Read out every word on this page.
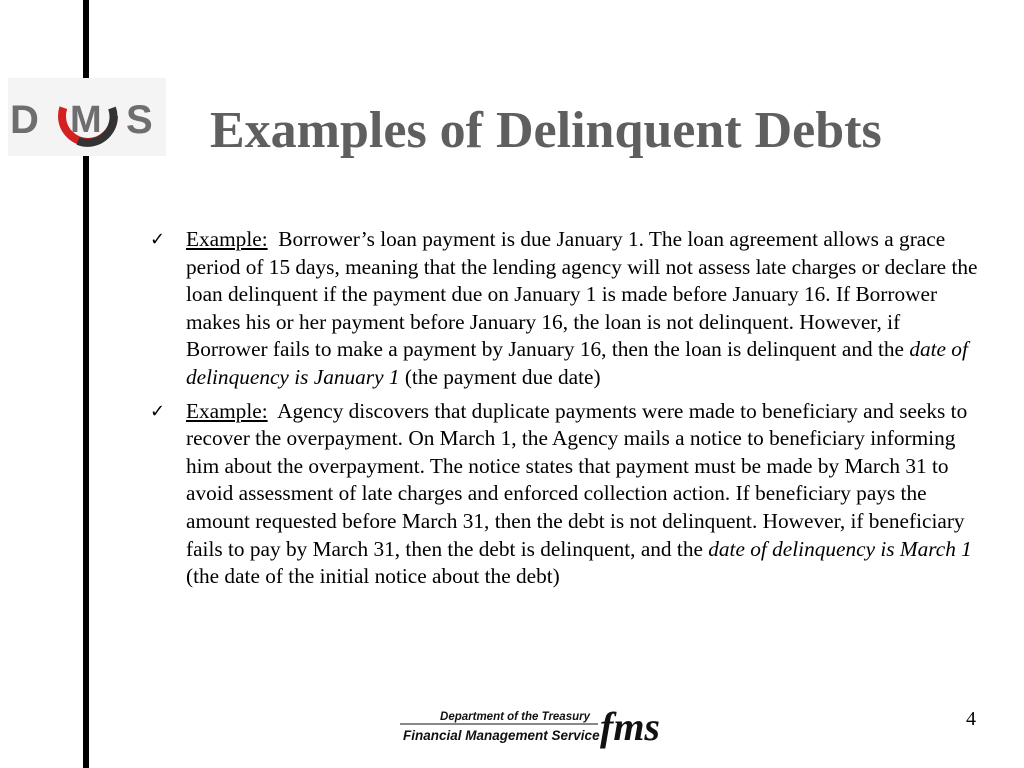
D M S Examples of Delinquent Debts
✓ Example: Borrower’s loan payment is due January 1. The loan agreement allows a grace period of 15 days, meaning that the lending agency will not assess late charges or declare the loan delinquent if the payment due on January 1 is made before January 16. If Borrower makes his or her payment before January 16, the loan is not delinquent. However, if Borrower fails to make a payment by January 16, then the loan is delinquent and the date of delinquency is January 1 (the payment due date)
✓ Example: Agency discovers that duplicate payments were made to beneficiary and seeks to recover the overpayment. On March 1, the Agency mails a notice to beneficiary informing him about the overpayment. The notice states that payment must be made by March 31 to avoid assessment of late charges and enforced collection action. If beneficiary pays the amount requested before March 31, then the debt is not delinquent. However, if beneficiary fails to pay by March 31, then the debt is delinquent, and the date of delinquency is March 1 (the date of the initial notice about the debt)
Department of the Treasury
Financial Management Service fms	4
